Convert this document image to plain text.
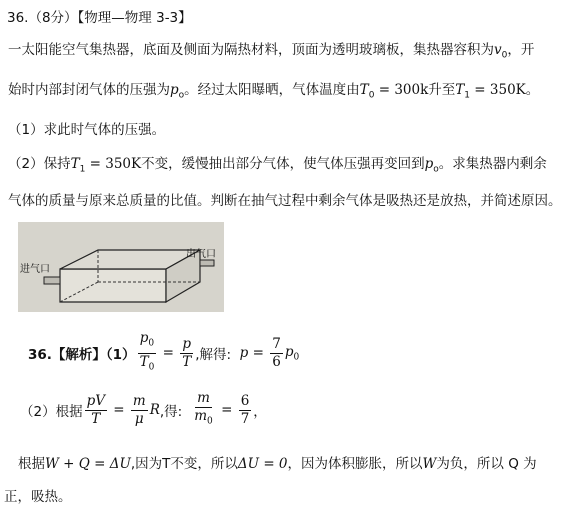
36.（8分）【物理—物理 3-3】
一太阳能空气集热器，底面及侧面为隔热材料，顶面为透明玻璃板，集热器容积为$v_0$，开
始时内部封闭气体的压强为$p_o$。经过太阳曝晒，气体温度由$T_0 = 300k$升至$T_1 = 350K$。
（1）求此时气体的压强。
（2）保持$T_1 = 350K$不变，缓慢抽出部分气体，使气体压强再变回到$p_o$。求集热器内剩余
气体的质量与原来总质量的比值。判断在抽气过程中剩余气体是吸热还是放热，并简述原因。
进气口
出气口
36.【解析】$(1) \frac{p_0}{T_0} = \frac{p}{T}$ ,解得: $p = \frac{7}{6} p_0$
（2）根据 $\frac{pV}{T} = \frac{m}{\mu}$ R ,得: $\frac{m}{m_0} = \frac{6}{7}$ ，
根据W + Q = ΔU,因为T不变，所以ΔU = 0，因为体积膨胀，所以W为负，所以 Q 为
正，吸热。
